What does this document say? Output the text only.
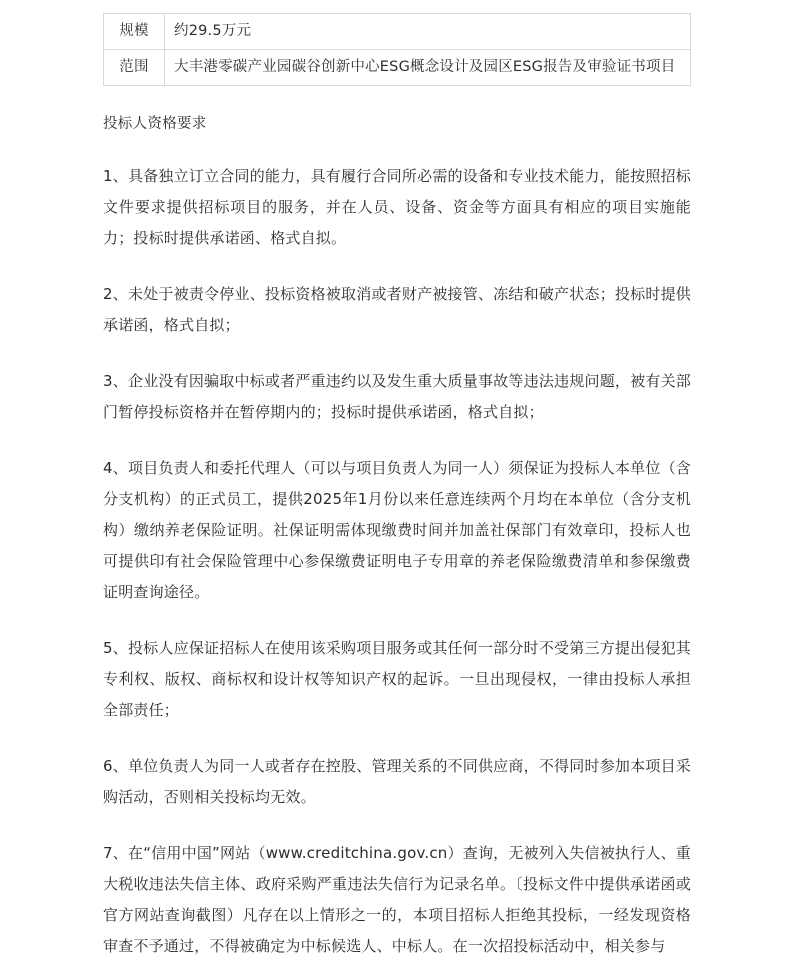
规模	约29.5万元
范围	大丰港零碳产业园碳谷创新中心ESG概念设计及园区ESG报告及审验证书项目
投标人资格要求

1、具备独立订立合同的能力，具有履行合同所必需的设备和专业技术能力，能按照招标文件要求提供招标项目的服务，并在人员、设备、资金等方面具有相应的项目实施能力；投标时提供承诺函、格式自拟。

2、未处于被责令停业、投标资格被取消或者财产被接管、冻结和破产状态；投标时提供承诺函，格式自拟；

3、企业没有因骗取中标或者严重违约以及发生重大质量事故等违法违规问题，被有关部门暂停投标资格并在暂停期内的；投标时提供承诺函，格式自拟；

4、项目负责人和委托代理人（可以与项目负责人为同一人）须保证为投标人本单位（含分支机构）的正式员工，提供2025年1月份以来任意连续两个月均在本单位（含分支机构）缴纳养老保险证明。社保证明需体现缴费时间并加盖社保部门有效章印，投标人也可提供印有社会保险管理中心参保缴费证明电子专用章的养老保险缴费清单和参保缴费证明查询途径。

5、投标人应保证招标人在使用该采购项目服务或其任何一部分时不受第三方提出侵犯其专利权、版权、商标权和设计权等知识产权的起诉。一旦出现侵权，一律由投标人承担全部责任；

6、单位负责人为同一人或者存在控股、管理关系的不同供应商，不得同时参加本项目采购活动，否则相关投标均无效。

7、在“信用中国”网站（www.creditchina.gov.cn）查询，无被列入失信被执行人、重大税收违法失信主体、政府采购严重违法失信行为记录名单。〔投标文件中提供承诺函或官方网站查询截图）凡存在以上情形之一的，本项目招标人拒绝其投标，一经发现资格审查不予通过，不得被确定为中标候选人、中标人。在一次招投标活动中，相关参与
